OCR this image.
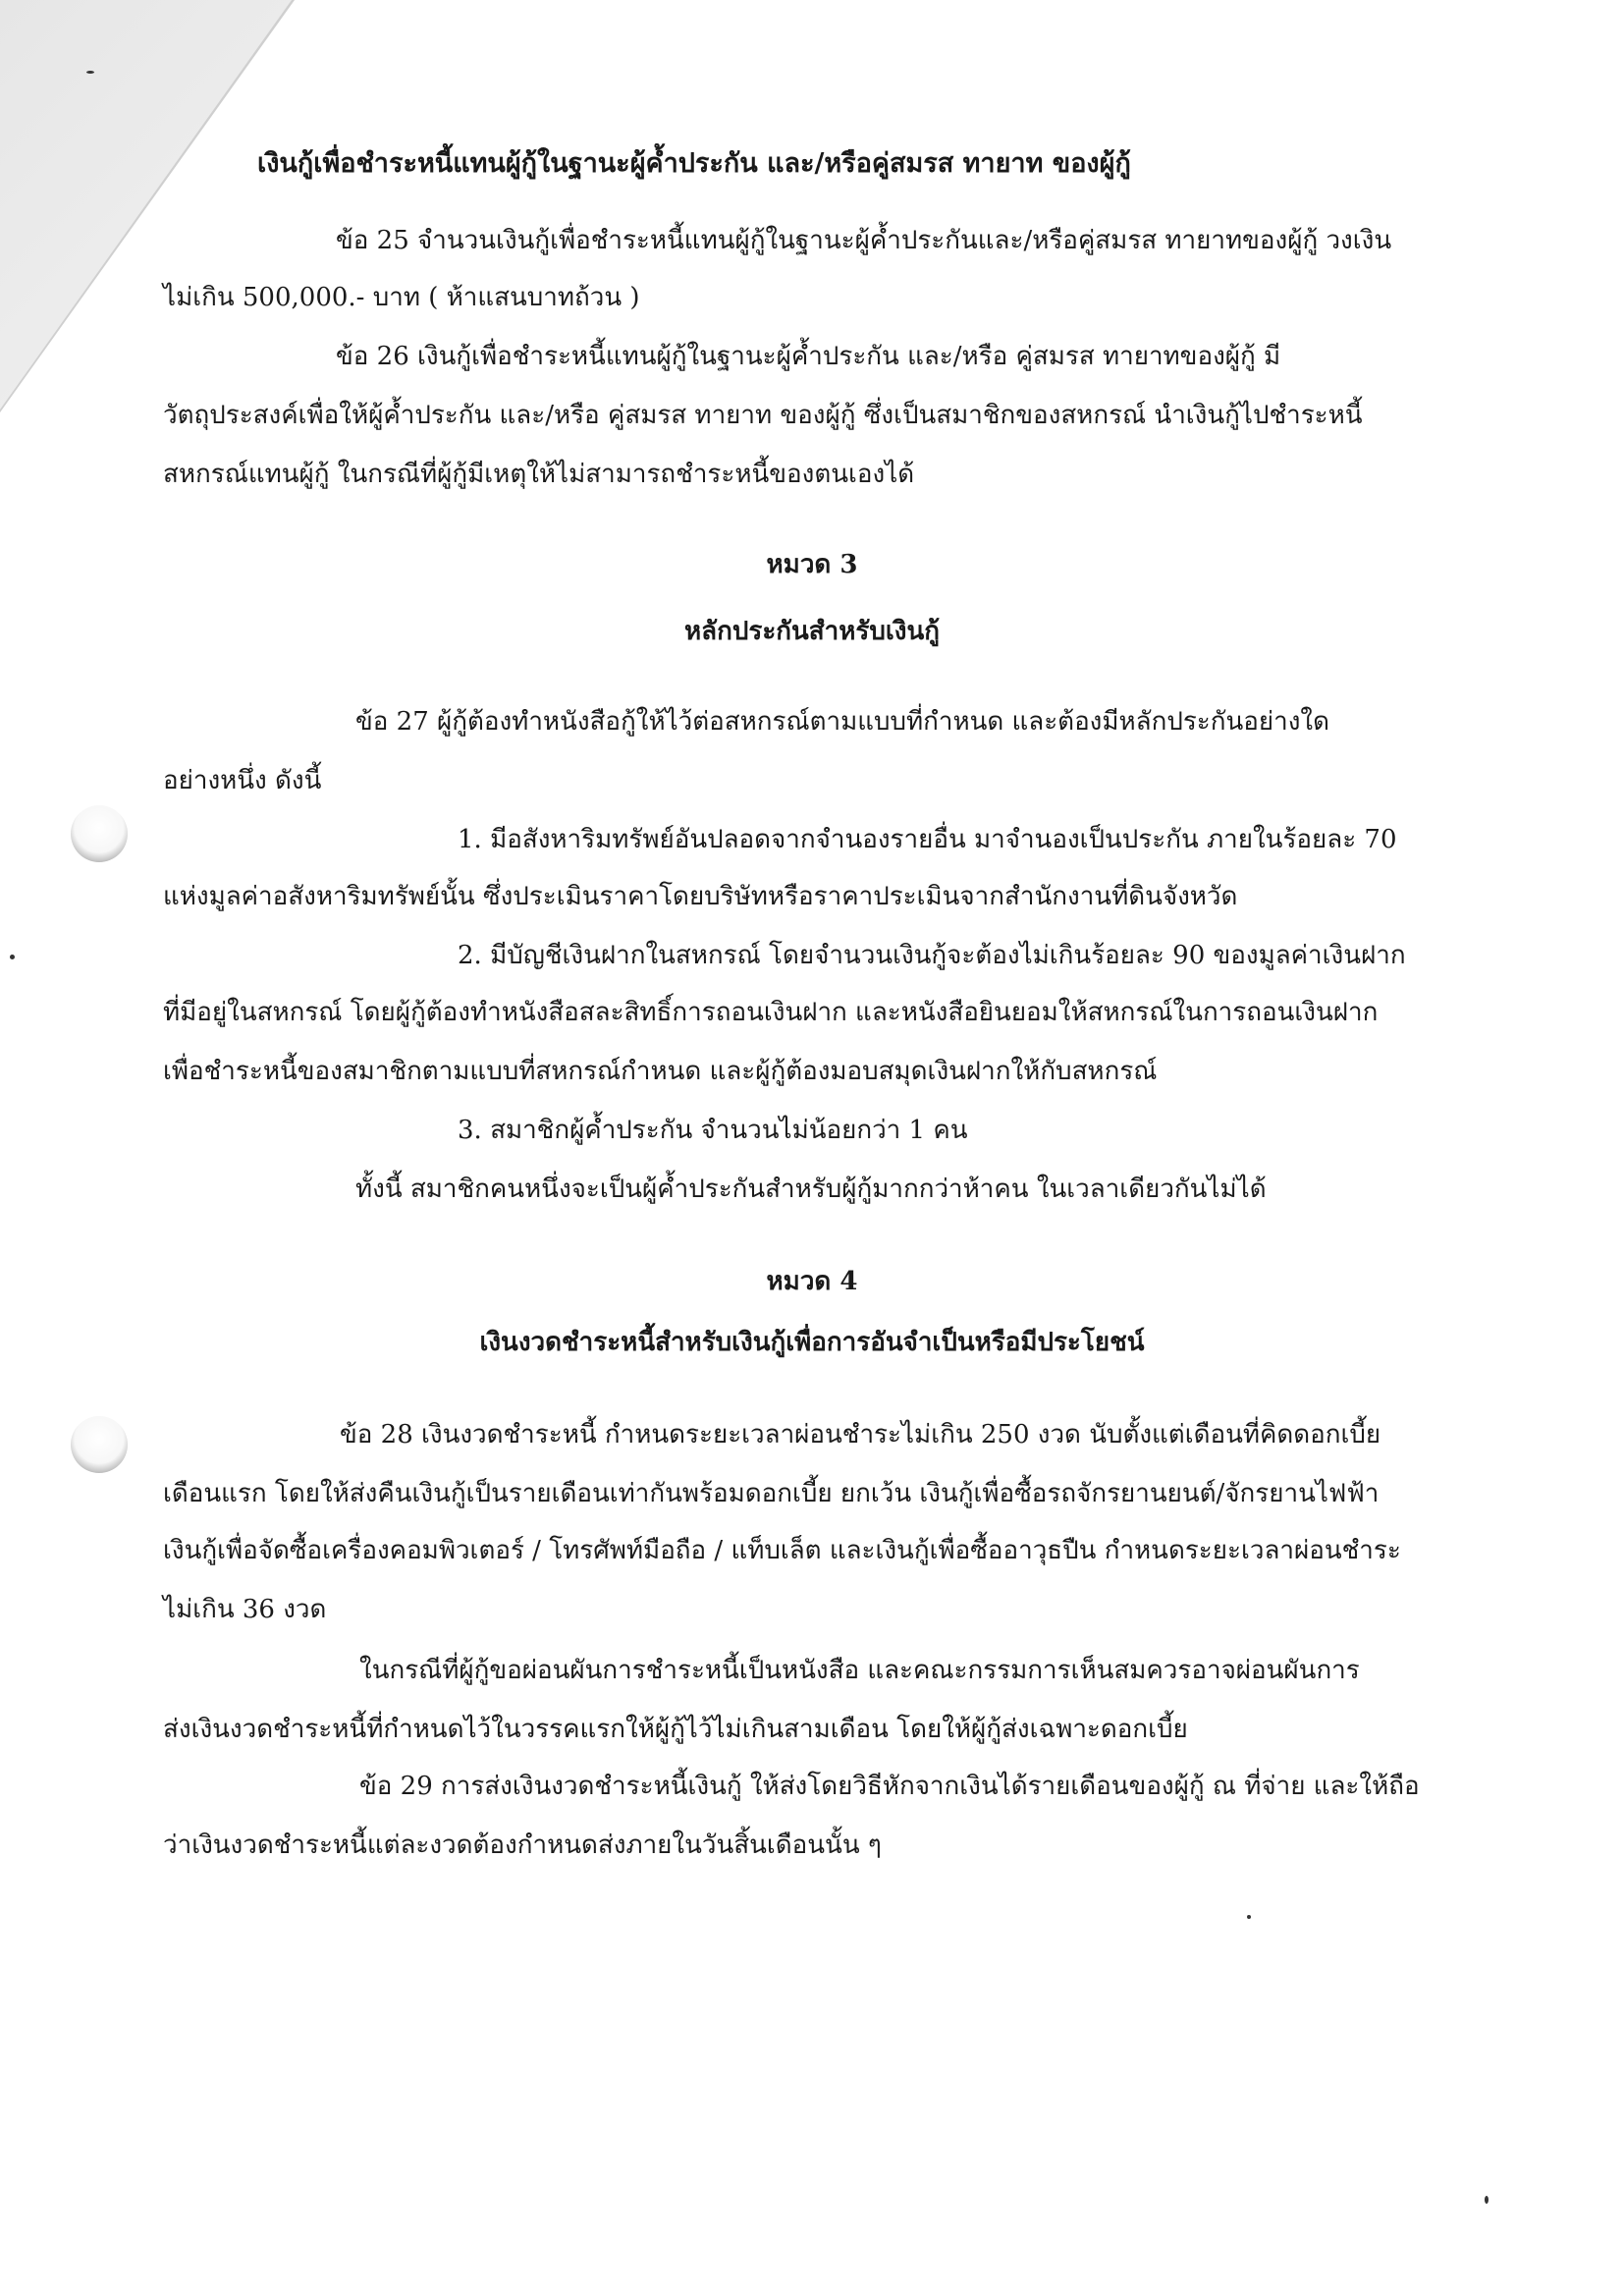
เงินกู้เพื่อชำระหนี้แทนผู้กู้ในฐานะผู้ค้ำประกัน และ/หรือคู่สมรส ทายาท ของผู้กู้
ข้อ 25 จำนวนเงินกู้เพื่อชำระหนี้แทนผู้กู้ในฐานะผู้ค้ำประกันและ/หรือคู่สมรส ทายาทของผู้กู้ วงเงิน
ไม่เกิน 500,000.- บาท ( ห้าแสนบาทถ้วน )
ข้อ 26 เงินกู้เพื่อชำระหนี้แทนผู้กู้ในฐานะผู้ค้ำประกัน และ/หรือ คู่สมรส ทายาทของผู้กู้ มี
วัตถุประสงค์เพื่อให้ผู้ค้ำประกัน และ/หรือ คู่สมรส ทายาท ของผู้กู้ ซึ่งเป็นสมาชิกของสหกรณ์ นำเงินกู้ไปชำระหนี้
สหกรณ์แทนผู้กู้ ในกรณีที่ผู้กู้มีเหตุให้ไม่สามารถชำระหนี้ของตนเองได้
หมวด 3
หลักประกันสำหรับเงินกู้
ข้อ 27 ผู้กู้ต้องทำหนังสือกู้ให้ไว้ต่อสหกรณ์ตามแบบที่กำหนด และต้องมีหลักประกันอย่างใด
อย่างหนึ่ง ดังนี้
1. มีอสังหาริมทรัพย์อันปลอดจากจำนองรายอื่น มาจำนองเป็นประกัน ภายในร้อยละ 70
แห่งมูลค่าอสังหาริมทรัพย์นั้น ซึ่งประเมินราคาโดยบริษัทหรือราคาประเมินจากสำนักงานที่ดินจังหวัด
2. มีบัญชีเงินฝากในสหกรณ์ โดยจำนวนเงินกู้จะต้องไม่เกินร้อยละ 90 ของมูลค่าเงินฝาก
ที่มีอยู่ในสหกรณ์ โดยผู้กู้ต้องทำหนังสือสละสิทธิ์การถอนเงินฝาก และหนังสือยินยอมให้สหกรณ์ในการถอนเงินฝาก
เพื่อชำระหนี้ของสมาชิกตามแบบที่สหกรณ์กำหนด และผู้กู้ต้องมอบสมุดเงินฝากให้กับสหกรณ์
3. สมาชิกผู้ค้ำประกัน จำนวนไม่น้อยกว่า 1 คน
ทั้งนี้ สมาชิกคนหนึ่งจะเป็นผู้ค้ำประกันสำหรับผู้กู้มากกว่าห้าคน ในเวลาเดียวกันไม่ได้
หมวด 4
เงินงวดชำระหนี้สำหรับเงินกู้เพื่อการอันจำเป็นหรือมีประโยชน์
ข้อ 28 เงินงวดชำระหนี้ กำหนดระยะเวลาผ่อนชำระไม่เกิน 250 งวด นับตั้งแต่เดือนที่คิดดอกเบี้ย
เดือนแรก โดยให้ส่งคืนเงินกู้เป็นรายเดือนเท่ากันพร้อมดอกเบี้ย ยกเว้น เงินกู้เพื่อซื้อรถจักรยานยนต์/จักรยานไฟฟ้า
เงินกู้เพื่อจัดซื้อเครื่องคอมพิวเตอร์ / โทรศัพท์มือถือ / แท็บเล็ต และเงินกู้เพื่อซื้ออาวุธปืน กำหนดระยะเวลาผ่อนชำระ
ไม่เกิน 36 งวด
ในกรณีที่ผู้กู้ขอผ่อนผันการชำระหนี้เป็นหนังสือ และคณะกรรมการเห็นสมควรอาจผ่อนผันการ
ส่งเงินงวดชำระหนี้ที่กำหนดไว้ในวรรคแรกให้ผู้กู้ไว้ไม่เกินสามเดือน โดยให้ผู้กู้ส่งเฉพาะดอกเบี้ย
ข้อ 29 การส่งเงินงวดชำระหนี้เงินกู้ ให้ส่งโดยวิธีหักจากเงินได้รายเดือนของผู้กู้ ณ ที่จ่าย และให้ถือ
ว่าเงินงวดชำระหนี้แต่ละงวดต้องกำหนดส่งภายในวันสิ้นเดือนนั้น ๆ
